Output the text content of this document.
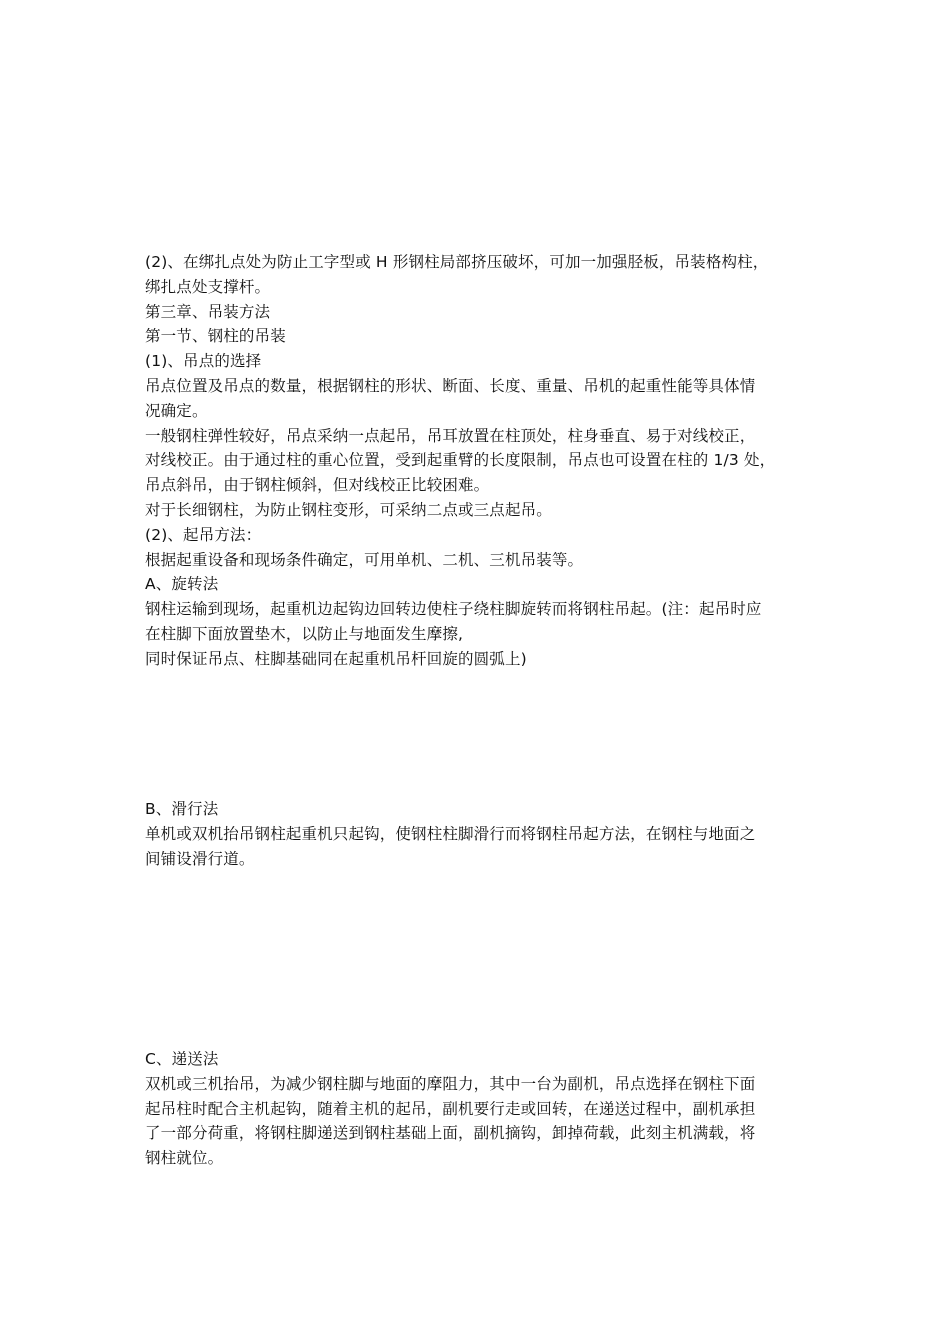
(2)、在绑扎点处为防止工字型或 H 形钢柱局部挤压破坏，可加一加强胫板，吊装格构柱，
绑扎点处支撑杆。
第三章、吊装方法
第一节、钢柱的吊装
(1)、吊点的选择
吊点位置及吊点的数量，根据钢柱的形状、断面、长度、重量、吊机的起重性能等具体情
况确定。
一般钢柱弹性较好，吊点采纳一点起吊，吊耳放置在柱顶处，柱身垂直、易于对线校正，
对线校正。由于通过柱的重心位置，受到起重臂的长度限制，吊点也可设置在柱的 1/3 处，
吊点斜吊，由于钢柱倾斜，但对线校正比较困难。
对于长细钢柱，为防止钢柱变形，可采纳二点或三点起吊。
(2)、起吊方法：
根据起重设备和现场条件确定，可用单机、二机、三机吊装等。
A、旋转法
钢柱运输到现场，起重机边起钩边回转边使柱子绕柱脚旋转而将钢柱吊起。(注：起吊时应
在柱脚下面放置垫木，以防止与地面发生摩擦,
同时保证吊点、柱脚基础同在起重机吊杆回旋的圆弧上)
B、滑行法
单机或双机抬吊钢柱起重机只起钩，使钢柱柱脚滑行而将钢柱吊起方法，在钢柱与地面之
间铺设滑行道。
C、递送法
双机或三机抬吊，为减少钢柱脚与地面的摩阻力，其中一台为副机，吊点选择在钢柱下面
起吊柱时配合主机起钩，随着主机的起吊，副机要行走或回转，在递送过程中，副机承担
了一部分荷重，将钢柱脚递送到钢柱基础上面，副机摘钩，卸掉荷载，此刻主机满载，将
钢柱就位。
